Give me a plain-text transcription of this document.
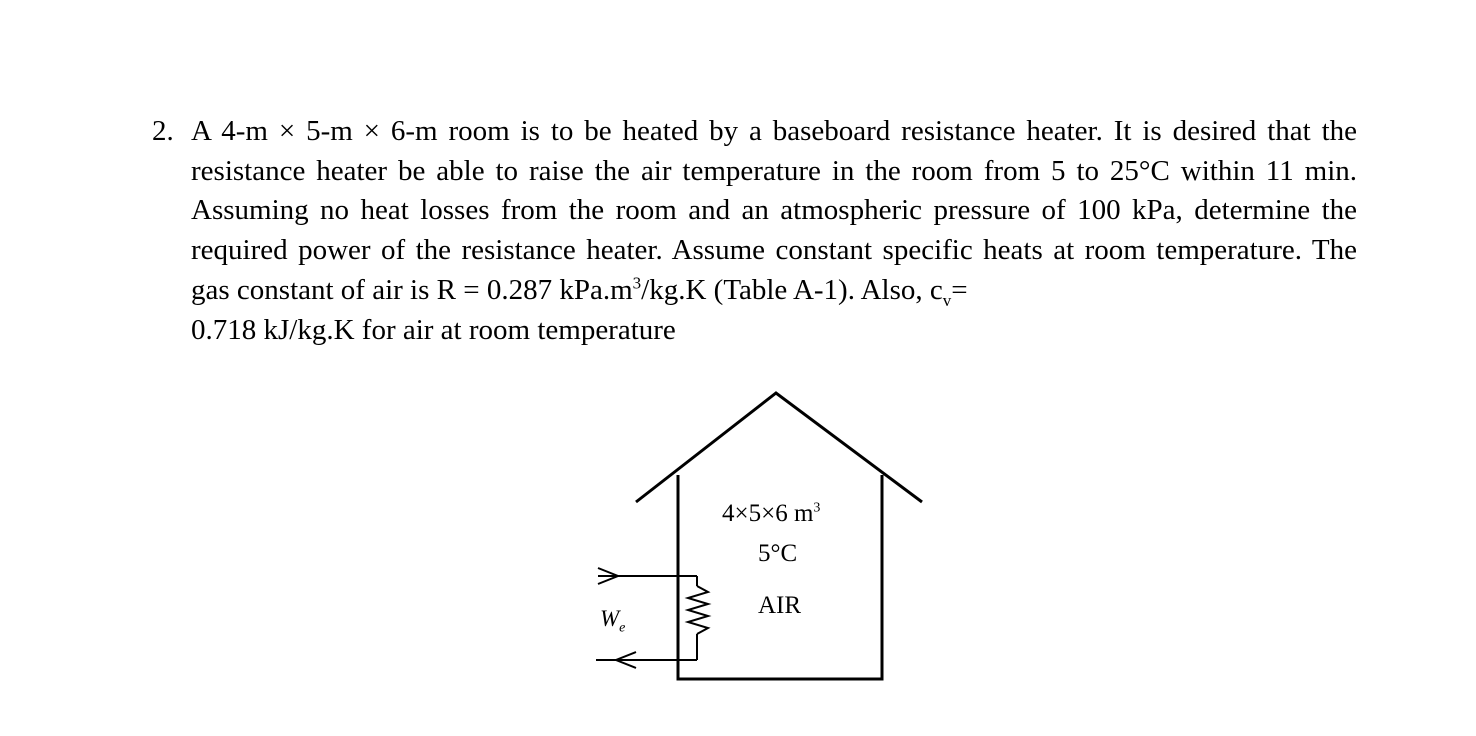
2. A 4-m × 5-m × 6-m room is to be heated by a baseboard resistance heater. It is desired that the resistance heater be able to raise the air temperature in the room from 5 to 25°C within 11 min. Assuming no heat losses from the room and an atmospheric pressure of 100 kPa, determine the required power of the resistance heater. Assume constant specific heats at room temperature. The gas constant of air is R = 0.287 $kPa.m^3/kg.K$ (Table A-1). Also, $c_v=$
0.718 kJ/kg.K for air at room temperature
4×5×6 $m^3$
5°C
AIR
$W_e$
